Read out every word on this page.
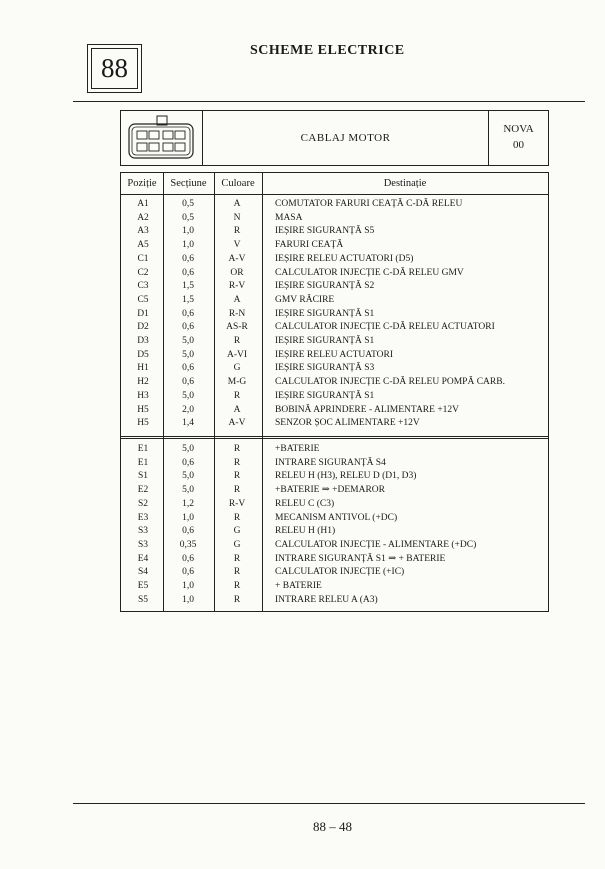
88
SCHEME ELECTRICE
CABLAJ MOTOR
NOVA
00
Poziție	Secțiune	Culoare	Destinație
A1	0,5	A	COMUTATOR FARURI CEAȚĂ C-DĂ RELEU
A2	0,5	N	MASA
A3	1,0	R	IEȘIRE SIGURANȚĂ S5
A5	1,0	V	FARURI CEAȚĂ
C1	0,6	A-V	IEȘIRE RELEU ACTUATORI (D5)
C2	0,6	OR	CALCULATOR INJECȚIE C-DĂ RELEU GMV
C3	1,5	R-V	IEȘIRE SIGURANȚĂ S2
C5	1,5	A	GMV RĂCIRE
D1	0,6	R-N	IEȘIRE SIGURANȚĂ S1
D2	0,6	AS-R	CALCULATOR INJECȚIE C-DĂ RELEU ACTUATORI
D3	5,0	R	IEȘIRE SIGURANȚĂ S1
D5	5,0	A-VI	IEȘIRE RELEU ACTUATORI
H1	0,6	G	IEȘIRE SIGURANȚĂ S3
H2	0,6	M-G	CALCULATOR INJECȚIE C-DĂ RELEU POMPĂ CARB.
H3	5,0	R	IEȘIRE SIGURANȚĂ S1
H5	2,0	A	BOBINĂ APRINDERE - ALIMENTARE +12V
H5	1,4	A-V	SENZOR ȘOC ALIMENTARE +12V
E1	5,0	R	+BATERIE
E1	0,6	R	INTRARE SIGURANȚĂ S4
S1	5,0	R	RELEU H (H3), RELEU D (D1, D3)
E2	5,0	R	+BATERIE ⇒ +DEMAROR
S2	1,2	R-V	RELEU C (C3)
E3	1,0	R	MECANISM ANTIVOL (+DC)
S3	0,6	G	RELEU H (H1)
S3	0,35	G	CALCULATOR INJECȚIE - ALIMENTARE (+DC)
E4	0,6	R	INTRARE SIGURANȚĂ S1 ⇒ + BATERIE
S4	0,6	R	CALCULATOR INJECȚIE (+IC)
E5	1,0	R	+ BATERIE
S5	1,0	R	INTRARE RELEU A (A3)
88 – 48
